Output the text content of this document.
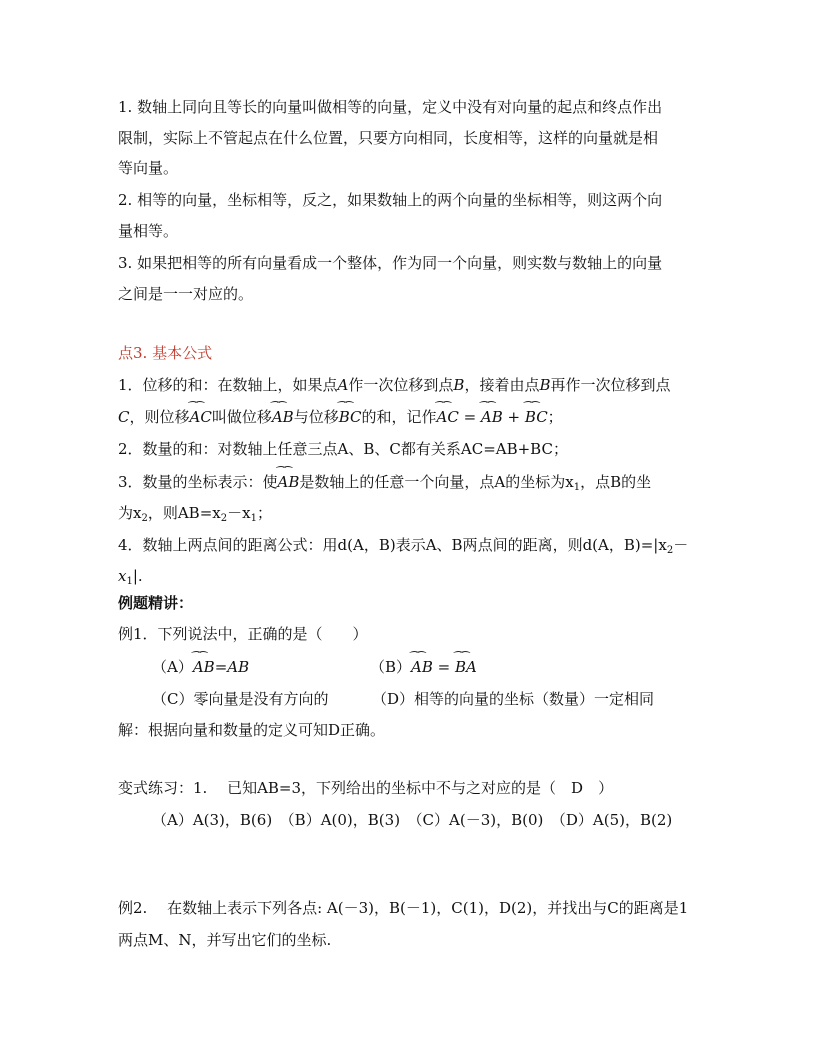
1. 数轴上同向且等长的向量叫做相等的向量，定义中没有对向量的起点和终点作出
限制，实际上不管起点在什么位置，只要方向相同，长度相等，这样的向量就是相
等向量。
2. 相等的向量，坐标相等，反之，如果数轴上的两个向量的坐标相等，则这两个向
量相等。
3. 如果把相等的所有向量看成一个整体，作为同一个向量，则实数与数轴上的向量
之间是一一对应的。
点3. 基本公式
1．位移的和：在数轴上，如果点A作一次位移到点B，接着由点B再作一次位移到点
C，则位移‿‿ AC叫做位移‿‿ AB与位移‿‿ BC的和，记作‿‿ AC = ‿‿ AB + ‿‿ BC；
2．数量的和：对数轴上任意三点A、B、C都有关系AC=AB+BC；
3．数量的坐标表示：使‿‿ AB是数轴上的任意一个向量，点A的坐标为$x_1$，点B的坐
为$x_2$，则$AB=x_2-x_1$；
4．数轴上两点间的距离公式：用d(A，B)表示A、B两点间的距离，则d(A，$B)=|x_2-$
$x_1|$.
例题精讲：
例1．下列说法中，正确的是（　　）
（A）‿‿ AB=AB	（B）‿‿ AB = ‿‿ BA
（C）零向量是没有方向的	（D）相等的向量的坐标（数量）一定相同
解：根据向量和数量的定义可知D正确。
变式练习：1.　 已知AB=3，下列给出的坐标中不与之对应的是（　D　）
（A）A(3)，B(6)　（B）A(0)，B(3)　（C）A(－3)，B(0)　（D）A(5)，B(2)
例2.　 在数轴上表示下列各点: A(－3)，B(－1)，C(1)，D(2)，并找出与C的距离是1
两点M、N，并写出它们的坐标.
